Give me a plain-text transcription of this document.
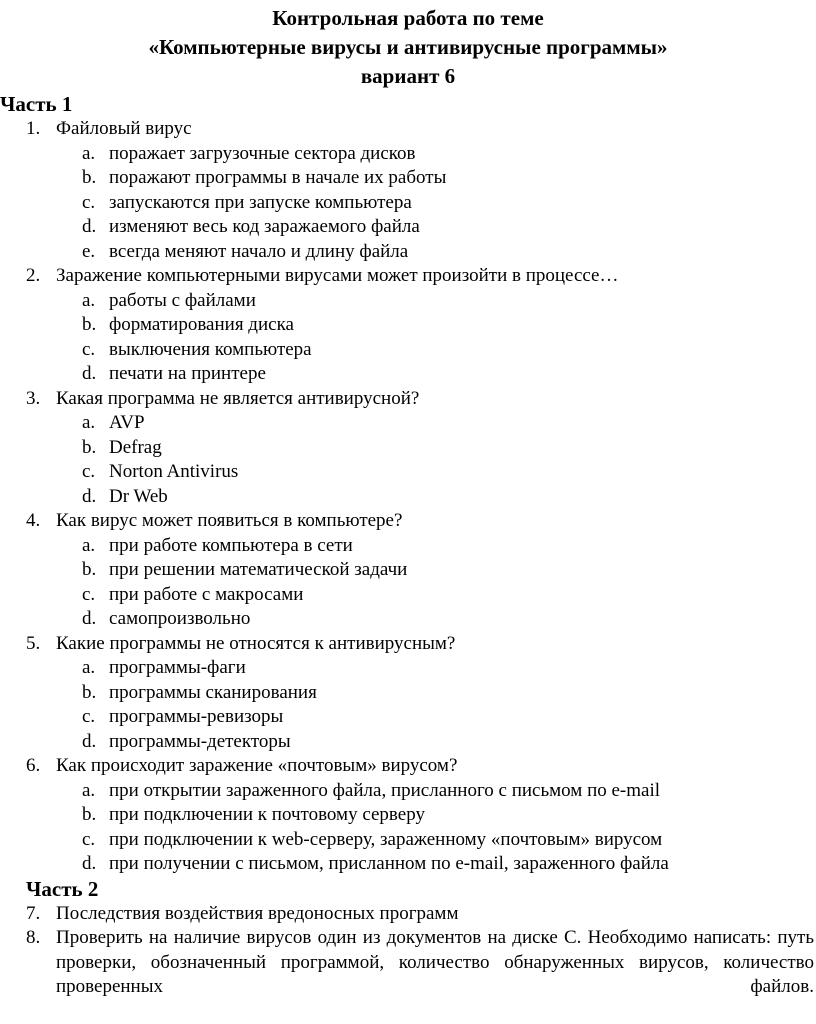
Контрольная работа по теме
«Компьютерные вирусы и антивирусные программы»
вариант 6
Часть 1
1. Файловый вирус
a. поражает загрузочные сектора дисков
b. поражают программы в начале их работы
c. запускаются при запуске компьютера
d. изменяют весь код заражаемого файла
e. всегда меняют начало и длину файла
2. Заражение компьютерными вирусами может произойти в процессе…
a. работы с файлами
b. форматирования диска
c. выключения компьютера
d. печати на принтере
3. Какая программа не является антивирусной?
a. AVP
b. Defrag
c. Norton Antivirus
d. Dr Web
4. Как вирус может появиться в компьютере?
a. при работе компьютера в сети
b. при решении математической задачи
c. при работе с макросами
d. самопроизвольно
5. Какие программы не относятся к антивирусным?
a. программы-фаги
b. программы сканирования
c. программы-ревизоры
d. программы-детекторы
6. Как происходит заражение «почтовым» вирусом?
a. при открытии зараженного файла, присланного с письмом по e-mail
b. при подключении к почтовому серверу
c. при подключении к web-серверу, зараженному «почтовым» вирусом
d. при получении с письмом, присланном по e-mail, зараженного файла
Часть 2
7. Последствия воздействия вредоносных программ
8. Проверить на наличие вирусов один из документов на диске С. Необходимо написать: путь проверки, обозначенный программой, количество обнаруженных вирусов, количество проверенных файлов.
